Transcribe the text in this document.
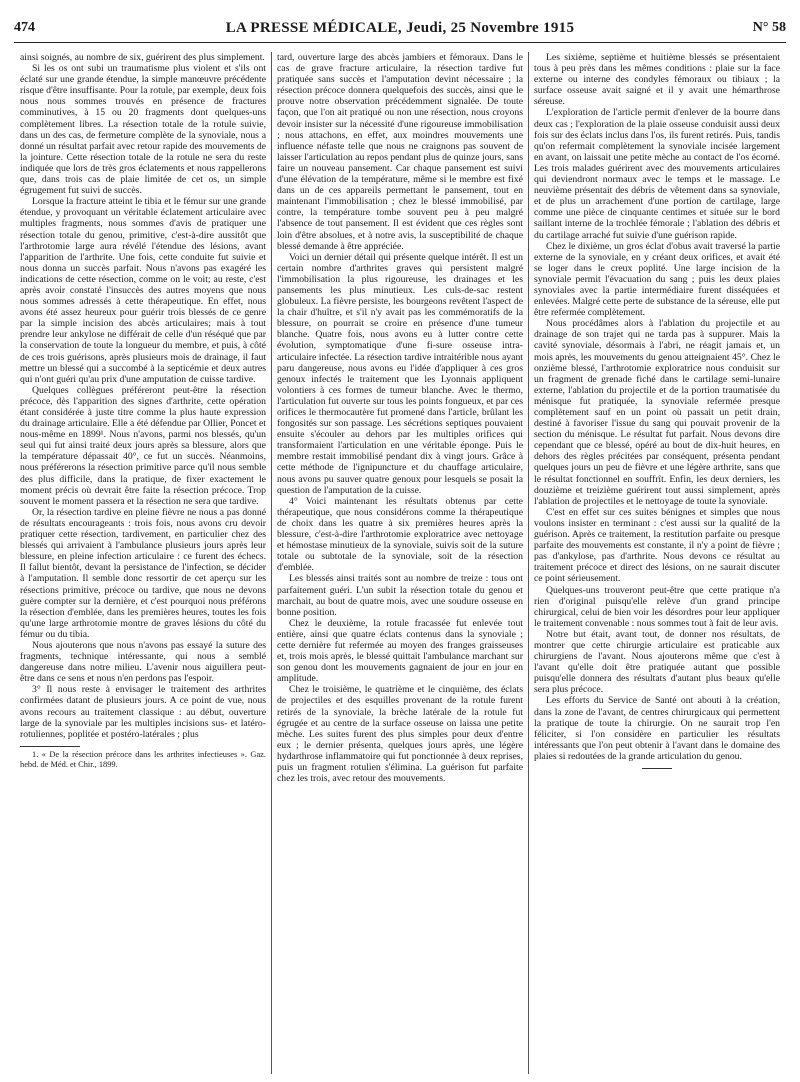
474	LA PRESSE MÉDICALE, Jeudi, 25 Novembre 1915	N° 58

ainsi soignés, au nombre de six, guérirent des plus simplement.

Si les os ont subi un traumatisme plus violent et s'ils ont éclaté sur une grande étendue, la simple manœuvre précédente risque d'être insuffisante. Pour la rotule, par exemple, deux fois nous nous sommes trouvés en présence de fractures comminutives, à 15 ou 20 fragments dont quelques-uns complètement libres. La résection totale de la rotule suivie, dans un des cas, de fermeture complète de la synoviale, nous a donné un résultat parfait avec retour rapide des mouvements de la jointure. Cette résection totale de la rotule ne sera du reste indiquée que lors de très gros éclatements et nous rappellerons que, dans trois cas de plaie limitée de cet os, un simple égrugement fut suivi de succès.

Lorsque la fracture atteint le tibia et le fémur sur une grande étendue, y provoquant un véritable éclatement articulaire avec multiples fragments, nous sommes d'avis de pratiquer une résection totale du genou, primitive, c'est-à-dire aussitôt que l'arthrotomie large aura révélé l'étendue des lésions, avant l'apparition de l'arthrite. Une fois, cette conduite fut suivie et nous donna un succès parfait. Nous n'avons pas exagéré les indications de cette résection, comme on le voit; au reste, c'est après avoir constaté l'insuccès des autres moyens que nous nous sommes adressés à cette thérapeutique. En effet, nous avons été assez heureux pour guérir trois blessés de ce genre par la simple incision des abcès articulaires; mais à tout prendre leur ankylose ne différait de celle d'un réséqué que par la conservation de toute la longueur du membre, et puis, à côté de ces trois guérisons, après plusieurs mois de drainage, il faut mettre un blessé qui a succombé à la septicémie et deux autres qui n'ont guéri qu'au prix d'une amputation de cuisse tardive.

Quelques collègues préféreront peut-être la résection précoce, dès l'apparition des signes d'arthrite, cette opération étant considérée à juste titre comme la plus haute expression du drainage articulaire. Elle a été défendue par Ollier, Poncet et nous-même en 1899¹. Nous n'avons, parmi nos blessés, qu'un seul qui fut ainsi traité deux jours après sa blessure, alors que la température dépassait 40°, ce fut un succès. Néanmoins, nous préférerons la résection primitive parce qu'il nous semble des plus difficile, dans la pratique, de fixer exactement le moment précis où devrait être faite la résection précoce. Trop souvent le moment passera et la résection ne sera que tardive.

Or, la résection tardive en pleine fièvre ne nous a pas donné de résultats encourageants : trois fois, nous avons cru devoir pratiquer cette résection, tardivement, en particulier chez des blessés qui arrivaient à l'ambulance plusieurs jours après leur blessure, en pleine infection articulaire : ce furent des échecs. Il fallut bientôt, devant la persistance de l'infection, se décider à l'amputation. Il semble donc ressortir de cet aperçu sur les résections primitive, précoce ou tardive, que nous ne devons guère compter sur la dernière, et c'est pourquoi nous préférons la résection d'emblée, dans les premières heures, toutes les fois qu'une large arthrotomie montre de graves lésions du côté du fémur ou du tibia.

Nous ajouterons que nous n'avons pas essayé la suture des fragments, technique intéressante, qui nous a semblé dangereuse dans notre milieu. L'avenir nous aiguillera peut-être dans ce sens et nous n'en perdons pas l'espoir.

3° Il nous reste à envisager le traitement des arthrites confirmées datant de plusieurs jours. A ce point de vue, nous avons recours au traitement classique : au début, ouverture large de la synoviale par les multiples incisions sus- et latéro-rotuliennes, poplitée et postéro-latérales ; plus

1. « De la résection précoce dans les arthrites infectieuses ». Gaz. hebd. de Méd. et Chir., 1899.

tard, ouverture large des abcès jambiers et fémoraux. Dans le cas de grave fracture articulaire, la résection tardive fut pratiquée sans succès et l'amputation devint nécessaire ; la résection précoce donnera quelquefois des succès, ainsi que le prouve notre observation précédemment signalée. De toute façon, que l'on ait pratiqué ou non une résection, nous croyons devoir insister sur la nécessité d'une rigoureuse immobilisation ; nous attachons, en effet, aux moindres mouvements une influence néfaste telle que nous ne craignons pas souvent de laisser l'articulation au repos pendant plus de quinze jours, sans faire un nouveau pansement. Car chaque pansement est suivi d'une élévation de la température, même si le membre est fixé dans un de ces appareils permettant le pansement, tout en maintenant l'immobilisation ; chez le blessé immobilisé, par contre, la température tombe souvent peu à peu malgré l'absence de tout pansement. Il est évident que ces règles sont loin d'être absolues, et à notre avis, la susceptibilité de chaque blessé demande à être appréciée.

Voici un dernier détail qui présente quelque intérêt. Il est un certain nombre d'arthrites graves qui persistent malgré l'immobilisation la plus rigoureuse, les drainages et les pansements les plus minutieux. Les culs-de-sac restent globuleux. La fièvre persiste, les bourgeons revêtent l'aspect de la chair d'huître, et s'il n'y avait pas les commémoratifs de la blessure, on pourrait se croire en présence d'une tumeur blanche. Quatre fois, nous avons eu à lutter contre cette évolution, symptomatique d'une fi-sure osseuse intra-articulaire infectée. La résection tardive intraitérible nous ayant paru dangereuse, nous avons eu l'idée d'appliquer à ces gros genoux infectés le traitement que les Lyonnais appliquent volontiers à ces formes de tumeur blanche. Avec le thermo, l'articulation fut ouverte sur tous les points fongueux, et par ces orifices le thermocautère fut promené dans l'article, brûlant les fongosités sur son passage. Les sécrétions septiques pouvaient ensuite s'écouler au dehors par les multiples orifices qui transformaient l'articulation en une véritable éponge. Puis le membre restait immobilisé pendant dix à vingt jours. Grâce à cette méthode de l'ignipuncture et du chauffage articulaire, nous avons pu sauver quatre genoux pour lesquels se posait la question de l'amputation de la cuisse.

4° Voici maintenant les résultats obtenus par cette thérapeutique, que nous considérons comme la thérapeutique de choix dans les quatre à six premières heures après la blessure, c'est-à-dire l'arthrotomie exploratrice avec nettoyage et hémostase minutieux de la synoviale, suivis soit de la suture totale ou subtotale de la synoviale, soit de la résection d'emblée.

Les blessés ainsi traités sont au nombre de treize : tous ont parfaitement guéri. L'un subit la résection totale du genou et marchait, au bout de quatre mois, avec une soudure osseuse en bonne position.

Chez le deuxième, la rotule fracassée fut enlevée tout entière, ainsi que quatre éclats contenus dans la synoviale ; cette dernière fut refermée au moyen des franges graisseuses et, trois mois après, le blessé quittait l'ambulance marchant sur son genou dont les mouvements gagnaient de jour en jour en amplitude.

Chez le troisième, le quatrième et le cinquième, des éclats de projectiles et des esquilles provenant de la rotule furent retirés de la synoviale, la brèche latérale de la rotule fut égrugée et au centre de la surface osseuse on laissa une petite mèche. Les suites furent des plus simples pour deux d'entre eux ; le dernier présenta, quelques jours après, une légère hydarthrose inflammatoire qui fut ponctionnée à deux reprises, puis un fragment rotulien s'élimina. La guérison fut parfaite chez les trois, avec retour des mouvements.

Les sixième, septième et huitième blessés se présentaient tous à peu près dans les mêmes conditions : plaie sur la face externe ou interne des condyles fémoraux ou tibiaux ; la surface osseuse avait saigné et il y avait une hémarthrose séreuse.

L'exploration de l'article permit d'enlever de la bourre dans deux cas ; l'exploration de la plaie osseuse conduisit aussi deux fois sur des éclats inclus dans l'os, ils furent retirés. Puis, tandis qu'on refermait complètement la synoviale incisée largement en avant, on laissait une petite mèche au contact de l'os écorné. Les trois malades guérirent avec des mouvements articulaires qui deviendront normaux avec le temps et le massage. Le neuvième présentait des débris de vêtement dans sa synoviale, et de plus un arrachement d'une portion de cartilage, large comme une pièce de cinquante centimes et située sur le bord saillant interne de la trochlée fémorale ; l'ablation des débris et du cartilage arraché fut suivie d'une guérison rapide.

Chez le dixième, un gros éclat d'obus avait traversé la partie externe de la synoviale, en y créant deux orifices, et avait été se loger dans le creux poplité. Une large incision de la synoviale permit l'évacuation du sang ; puis les deux plaies synoviales avec la partie intermédiaire furent disséquées et enlevées. Malgré cette perte de substance de la séreuse, elle put être refermée complètement.

Nous procédâmes alors à l'ablation du projectile et au drainage de son trajet qui ne tarda pas à suppurer. Mais la cavité synoviale, désormais à l'abri, ne réagit jamais et, un mois après, les mouvements du genou atteignaient 45°. Chez le onzième blessé, l'arthrotomie exploratrice nous conduisit sur un fragment de grenade fiché dans le cartilage semi-lunaire externe, l'ablation du projectile et de la portion traumatisée du ménisque fut pratiquée, la synoviale refermée presque complètement sauf en un point où passait un petit drain, destiné à favoriser l'issue du sang qui pouvait provenir de la section du ménisque. Le résultat fut parfait. Nous devons dire cependant que ce blessé, opéré au bout de dix-huit heures, en dehors des règles précitées par conséquent, présenta pendant quelques jours un peu de fièvre et une légère arthrite, sans que le résultat fonctionnel en souffrît. Enfin, les deux derniers, les douzième et treizième guérirent tout aussi simplement, après l'ablation de projectiles et le nettoyage de toute la synoviale.

C'est en effet sur ces suites bénignes et simples que nous voulons insister en terminant : c'est aussi sur la qualité de la guérison. Après ce traitement, la restitution parfaite ou presque parfaite des mouvements est constante, il n'y a point de fièvre ; pas d'ankylose, pas d'arthrite. Nous devons ce résultat au traitement précoce et direct des lésions, on ne saurait discuter ce point sérieusement.

Quelques-uns trouveront peut-être que cette pratique n'a rien d'original puisqu'elle relève d'un grand principe chirurgical, celui de bien voir les désordres pour leur appliquer le traitement convenable : nous sommes tout à fait de leur avis.

Notre but était, avant tout, de donner nos résultats, de montrer que cette chirurgie articulaire est praticable aux chirurgiens de l'avant. Nous ajouterons même que c'est à l'avant qu'elle doit être pratiquée autant que possible puisqu'elle donnera des résultats d'autant plus beaux qu'elle sera plus précoce.

Les efforts du Service de Santé ont abouti à la création, dans la zone de l'avant, de centres chirurgicaux qui permettent la pratique de toute la chirurgie. On ne saurait trop l'en féliciter, si l'on considère en particulier les résultats intéressants que l'on peut obtenir à l'avant dans le domaine des plaies si redoutées de la grande articulation du genou.
